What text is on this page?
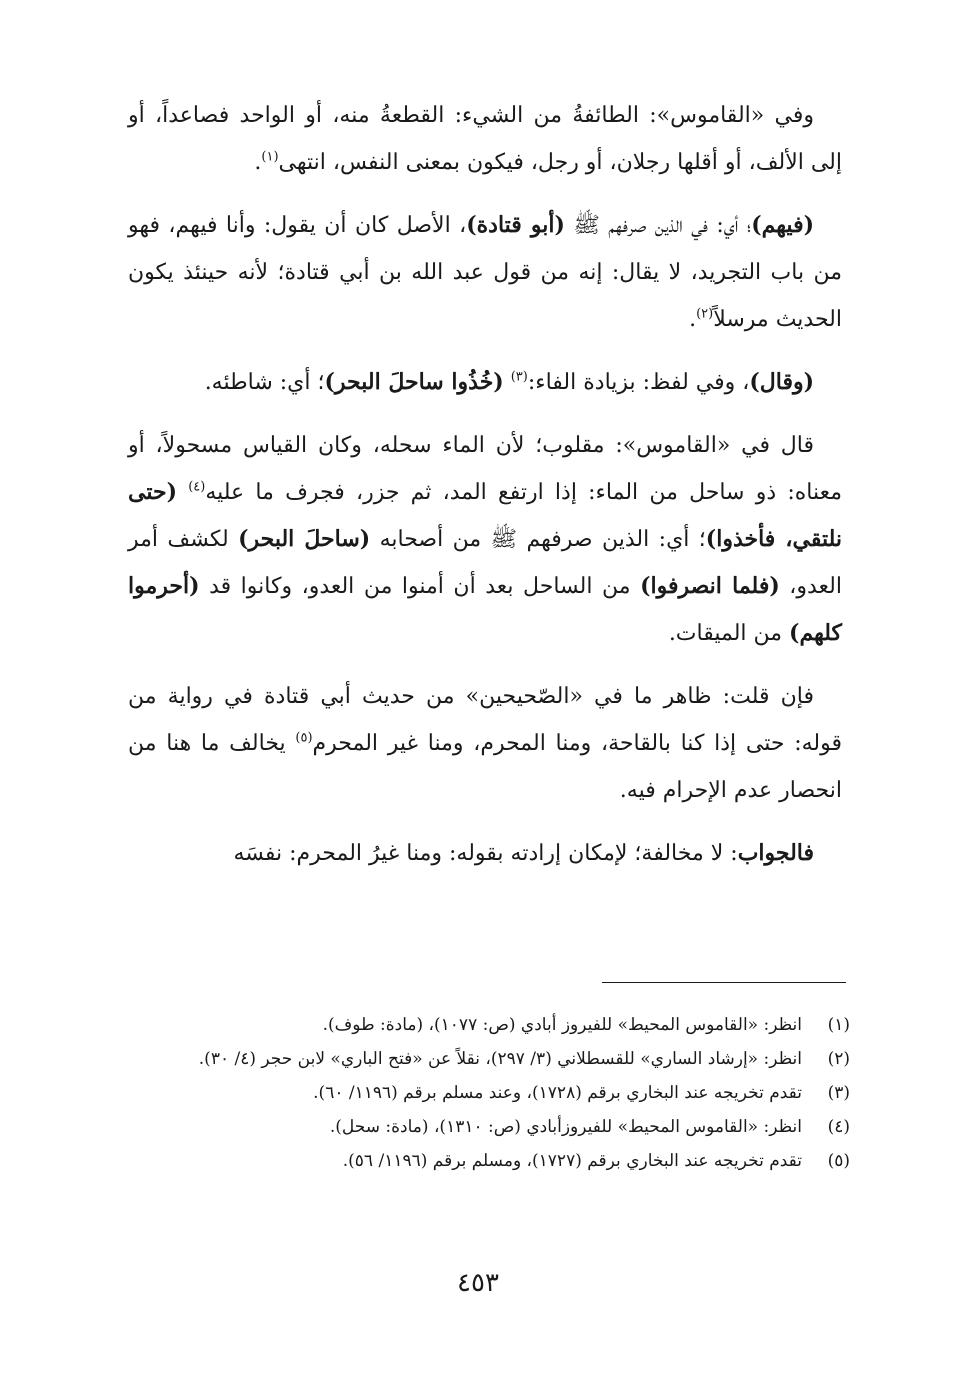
وفي «القاموس»: الطائفةُ من الشيء: القطعةُ منه، أو الواحد فصاعداً، أو إلى الألف، أو أقلها رجلان، أو رجل، فيكون بمعنى النفس، انتهى$^{(١)}$.

(فيهم)؛ أي: في الذين صرفهم ﷺ (أبو قتادة)، الأصل كان أن يقول: وأنا فيهم، فهو من باب التجريد، لا يقال: إنه من قول عبد الله بن أبي قتادة؛ لأنه حينئذ يكون الحديث مرسلاً$^{(٢)}$.

(وقال)، وفي لفظ: بزيادة الفاء:$^{(٣)}$ (خُذُوا ساحلَ البحر)؛ أي: شاطئه.

قال في «القاموس»: مقلوب؛ لأن الماء سحله، وكان القياس مسحولاً، أو معناه: ذو ساحل من الماء: إذا ارتفع المد، ثم جزر، فجرف ما عليه$^{(٤)}$ (حتى نلتقي، فأخذوا)؛ أي: الذين صرفهم ﷺ من أصحابه (ساحلَ البحر) لكشف أمر العدو، (فلما انصرفوا) من الساحل بعد أن أمنوا من العدو، وكانوا قد (أحرموا كلهم) من الميقات.

فإن قلت: ظاهر ما في «الصّحيحين» من حديث أبي قتادة في رواية من قوله: حتى إذا كنا بالقاحة، ومنا المحرم، ومنا غير المحرم$^{(٥)}$ يخالف ما هنا من انحصار عدم الإحرام فيه.

فالجواب: لا مخالفة؛ لإمكان إرادته بقوله: ومنا غيرُ المحرم: نفسَه

(١)
انظر: «القاموس المحيط» للفيروز أبادي (ص: ١٠٧٧)، (مادة: طوف).
(٢)
انظر: «إرشاد الساري» للقسطلاني (٣/ ٢٩٧)، نقلاً عن «فتح الباري» لابن حجر (٤/ ٣٠).
(٣)
تقدم تخريجه عند البخاري برقم (١٧٢٨)، وعند مسلم برقم (١١٩٦/ ٦٠).
(٤)
انظر: «القاموس المحيط» للفيروزأبادي (ص: ١٣١٠)، (مادة: سحل).
(٥)
تقدم تخريجه عند البخاري برقم (١٧٢٧)، ومسلم برقم (١١٩٦/ ٥٦).
٤٥٣
